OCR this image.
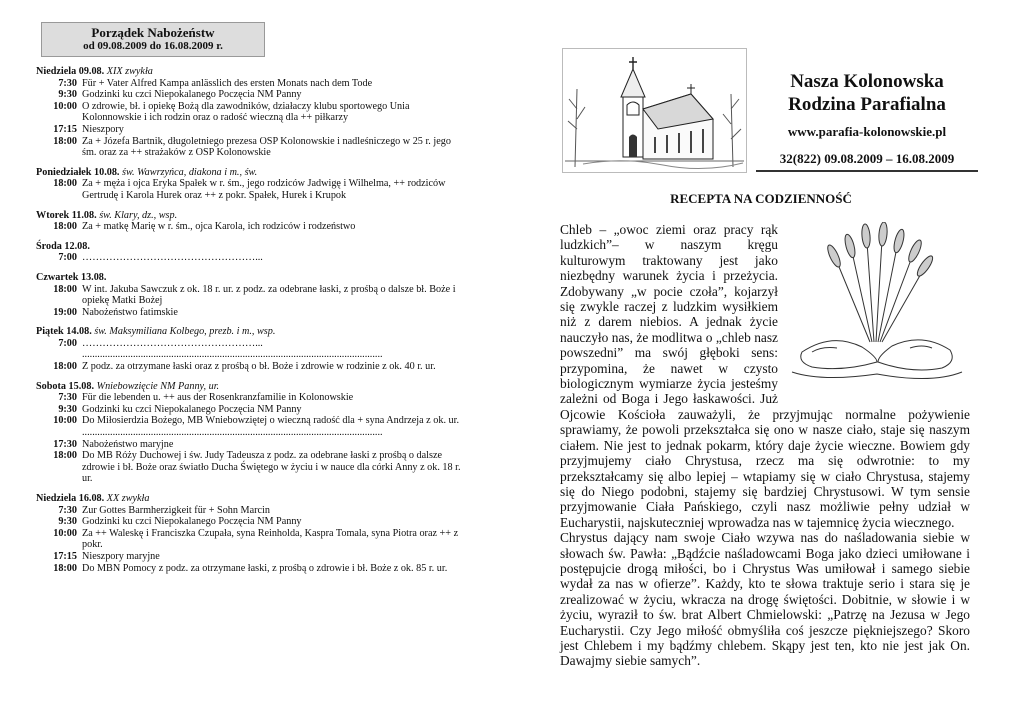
Porządek Nabożeństw
od 09.08.2009 do 16.08.2009 r.
Niedziela 09.08. XIX zwykła
7:30 Für + Vater Alfred Kampa anlässlich des ersten Monats nach dem Tode
9:30 Godzinki ku czci Niepokalanego Poczęcia NM Panny
10:00 O zdrowie, bł. i opiekę Bożą dla zawodników, działaczy klubu sportowego Unia Kolonnowskie i ich rodzin oraz o radość wieczną dla ++ piłkarzy
17:15 Nieszpory
18:00 Za + Józefa Bartnik, długoletniego prezesa OSP Kolonowskie i nadleśniczego w 25 r. jego śm. oraz za ++ strażaków z OSP Kolonowskie
Poniedziałek 10.08. św. Wawrzyńca, diakona i m., św.
18:00 Za + męża i ojca Eryka Spałek w r. śm., jego rodziców Jadwigę i Wilhelma, ++ rodziców Gertrudę i Karola Hurek oraz ++ z pokr. Spałek, Hurek i Krupok
Wtorek 11.08. św. Klary, dz., wsp.
18:00 Za + matkę Marię w r. śm., ojca Karola, ich rodziców i rodzeństwo
Środa 12.08.
7:00 ……………………………………………...
Czwartek 13.08.
18:00 W int. Jakuba Sawczuk z ok. 18 r. ur. z podz. za odebrane łaski, z prośbą o dalsze bł. Boże i opiekę Matki Bożej
19:00 Nabożeństwo fatimskie
Piątek 14.08. św. Maksymiliana Kolbego, prezb. i m., wsp.
7:00 ……………………………………………...
......................................................................................................................
18:00 Z podz. za otrzymane łaski oraz z prośbą o bł. Boże i zdrowie w rodzinie z ok. 40 r. ur.
Sobota 15.08. Wniebowzięcie NM Panny, ur.
7:30 Für die lebenden u. ++ aus der Rosenkranzfamilie in Kolonowskie
9:30 Godzinki ku czci Niepokalanego Poczęcia NM Panny
10:00 Do Miłosierdzia Bożego, MB Wniebowziętej o wieczną radość dla + syna Andrzeja z ok. ur.
......................................................................................................................
17:30 Nabożeństwo maryjne
18:00 Do MB Róży Duchowej i św. Judy Tadeusza z podz. za odebrane łaski z prośbą o dalsze zdrowie i bł. Boże oraz światło Ducha Świętego w życiu i w nauce dla córki Anny z ok. 18 r. ur.
Niedziela 16.08. XX zwykła
7:30 Zur Gottes Barmherzigkeit für + Sohn Marcin
9:30 Godzinki ku czci Niepokalanego Poczęcia NM Panny
10:00 Za ++ Waleskę i Franciszka Czupała, syna Reinholda, Kaspra Tomala, syna Piotra oraz ++ z pokr.
17:15 Nieszpory maryjne
18:00 Do MBN Pomocy z podz. za otrzymane łaski, z prośbą o zdrowie i bł. Boże z ok. 85 r. ur.
Nasza Kolonowska
Rodzina Parafialna
www.parafia-kolonowskie.pl
32(822) 09.08.2009 – 16.08.2009
RECEPTA NA CODZIENNOŚĆ

Chleb – „owoc ziemi oraz pracy rąk ludzkich”– w naszym kręgu kulturowym traktowany jest jako niezbędny warunek życia i przeżycia. Zdobywany „w pocie czoła”, kojarzył się zwykle raczej z ludzkim wysiłkiem niż z darem niebios. A jednak życie nauczyło nas, że modlitwa o „chleb nasz powszedni” ma swój głęboki sens: przypomina, że nawet w czysto biologicznym wymiarze życia jesteśmy zależni od Boga i Jego łaskawości. Już Ojcowie Kościoła zauważyli, że przyjmując normalne pożywienie sprawiamy, że powoli przekształca się ono w nasze ciało, staje się naszym ciałem. Nie jest to jednak pokarm, który daje życie wieczne. Bowiem gdy przyjmujemy ciało Chrystusa, rzecz ma się odwrotnie: to my przekształcamy się albo lepiej – wtapiamy się w ciało Chrystusa, stajemy się do Niego podobni, stajemy się bardziej Chrystusowi. W tym sensie przyjmowanie Ciała Pańskiego, czyli nasz możliwie pełny udział w Eucharystii, najskuteczniej wprowadza nas w tajemnicę życia wiecznego.

Chrystus dający nam swoje Ciało wzywa nas do naśladowania siebie w słowach św. Pawła: „Bądźcie naśladowcami Boga jako dzieci umiłowane i postępujcie drogą miłości, bo i Chrystus Was umiłował i samego siebie wydał za nas w ofierze”. Każdy, kto te słowa traktuje serio i stara się je zrealizować w życiu, wkracza na drogę świętości. Dobitnie, w słowie i w życiu, wyraził to św. brat Albert Chmielowski: „Patrzę na Jezusa w Jego Eucharystii. Czy Jego miłość obmyśliła coś jeszcze piękniejszego? Skoro jest Chlebem i my bądźmy chlebem. Skąpy jest ten, kto nie jest jak On. Dawajmy siebie samych”.
